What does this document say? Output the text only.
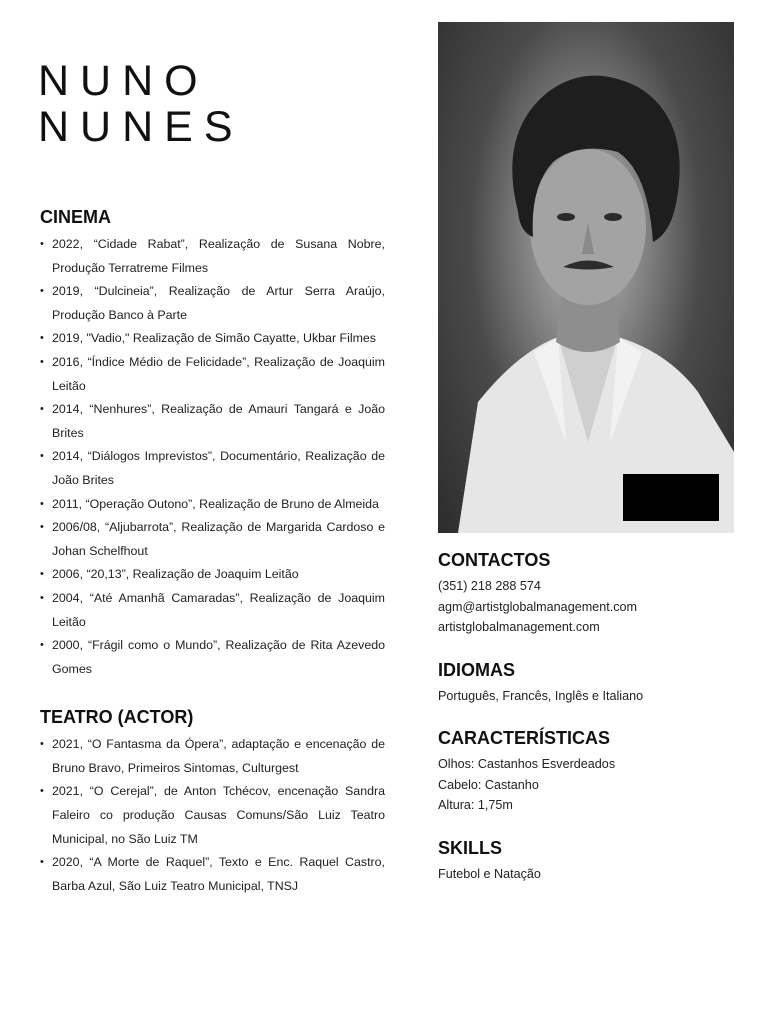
NUNO
NUNES
CINEMA
• 2022, “Cidade Rabat”, Realização de Susana Nobre, Produção Terratreme Filmes
• 2019, “Dulcineia”, Realização de Artur Serra Araújo, Produção Banco à Parte
• 2019, "Vadio," Realização de Simão Cayatte, Ukbar Filmes
• 2016, “Índice Médio de Felicidade”, Realização de Joaquim Leitão
• 2014, “Nenhures”, Realização de Amauri Tangará e João Brites
• 2014, “Diálogos Imprevistos”, Documentário, Realização de João Brites
• 2011, “Operação Outono”, Realização de Bruno de Almeida
• 2006/08, “Aljubarrota”, Realização de Margarida Cardoso e Johan Schelfhout
• 2006, “20,13”, Realização de Joaquim Leitão
• 2004, “Até Amanhã Camaradas”, Realização de Joaquim Leitão
• 2000, “Frágil como o Mundo”, Realização de Rita Azevedo Gomes
TEATRO (ACTOR)
• 2021, “O Fantasma da Ópera”, adaptação e encenação de Bruno Bravo, Primeiros Sintomas, Culturgest
• 2021, “O Cerejal”, de Anton Tchécov, encenação Sandra Faleiro co produção Causas Comuns/São Luiz Teatro Municipal, no São Luiz TM
• 2020, “A Morte de Raquel”, Texto e Enc. Raquel Castro, Barba Azul, São Luiz Teatro Municipal, TNSJ
CONTACTOS
(351) 218 288 574
agm@artistglobalmanagement.com
artistglobalmanagement.com
IDIOMAS
Português, Francês, Inglês e Italiano
CARACTERÍSTICAS
Olhos: Castanhos Esverdeados
Cabelo: Castanho
Altura: 1,75m
SKILLS
Futebol e Natação
